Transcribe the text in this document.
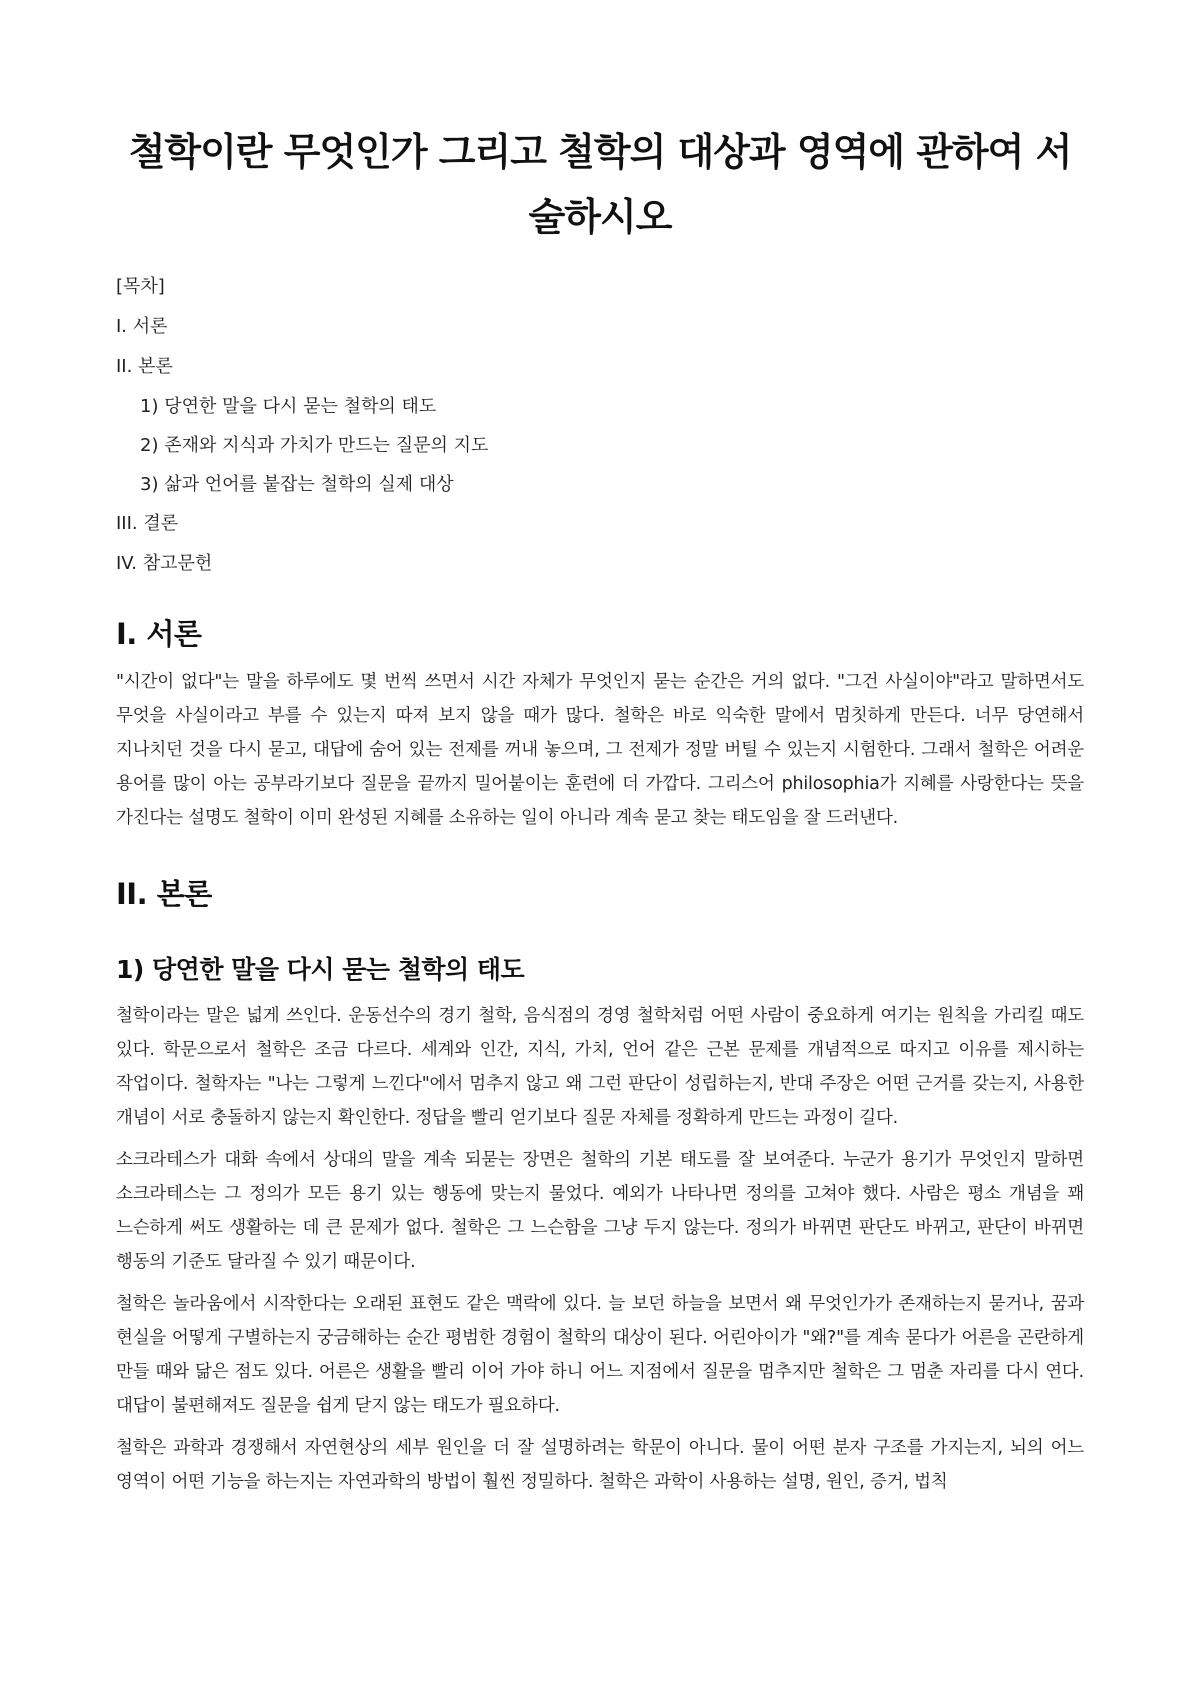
철학이란 무엇인가 그리고 철학의 대상과 영역에 관하여 서술하시오
[목차]
I. 서론
II. 본론
1) 당연한 말을 다시 묻는 철학의 태도
2) 존재와 지식과 가치가 만드는 질문의 지도
3) 삶과 언어를 붙잡는 철학의 실제 대상
III. 결론
IV. 참고문헌
I. 서론

"시간이 없다"는 말을 하루에도 몇 번씩 쓰면서 시간 자체가 무엇인지 묻는 순간은 거의 없다. "그건 사실이야"라고 말하면서도 무엇을 사실이라고 부를 수 있는지 따져 보지 않을 때가 많다. 철학은 바로 익숙한 말에서 멈칫하게 만든다. 너무 당연해서 지나치던 것을 다시 묻고, 대답에 숨어 있는 전제를 꺼내 놓으며, 그 전제가 정말 버틸 수 있는지 시험한다. 그래서 철학은 어려운 용어를 많이 아는 공부라기보다 질문을 끝까지 밀어붙이는 훈련에 더 가깝다. 그리스어 philosophia가 지혜를 사랑한다는 뜻을 가진다는 설명도 철학이 이미 완성된 지혜를 소유하는 일이 아니라 계속 묻고 찾는 태도임을 잘 드러낸다.

II. 본론
1) 당연한 말을 다시 묻는 철학의 태도

철학이라는 말은 넓게 쓰인다. 운동선수의 경기 철학, 음식점의 경영 철학처럼 어떤 사람이 중요하게 여기는 원칙을 가리킬 때도 있다. 학문으로서 철학은 조금 다르다. 세계와 인간, 지식, 가치, 언어 같은 근본 문제를 개념적으로 따지고 이유를 제시하는 작업이다. 철학자는 "나는 그렇게 느낀다"에서 멈추지 않고 왜 그런 판단이 성립하는지, 반대 주장은 어떤 근거를 갖는지, 사용한 개념이 서로 충돌하지 않는지 확인한다. 정답을 빨리 얻기보다 질문 자체를 정확하게 만드는 과정이 길다.

소크라테스가 대화 속에서 상대의 말을 계속 되묻는 장면은 철학의 기본 태도를 잘 보여준다. 누군가 용기가 무엇인지 말하면 소크라테스는 그 정의가 모든 용기 있는 행동에 맞는지 물었다. 예외가 나타나면 정의를 고쳐야 했다. 사람은 평소 개념을 꽤 느슨하게 써도 생활하는 데 큰 문제가 없다. 철학은 그 느슨함을 그냥 두지 않는다. 정의가 바뀌면 판단도 바뀌고, 판단이 바뀌면 행동의 기준도 달라질 수 있기 때문이다.

철학은 놀라움에서 시작한다는 오래된 표현도 같은 맥락에 있다. 늘 보던 하늘을 보면서 왜 무엇인가가 존재하는지 묻거나, 꿈과 현실을 어떻게 구별하는지 궁금해하는 순간 평범한 경험이 철학의 대상이 된다. 어린아이가 "왜?"를 계속 묻다가 어른을 곤란하게 만들 때와 닮은 점도 있다. 어른은 생활을 빨리 이어 가야 하니 어느 지점에서 질문을 멈추지만 철학은 그 멈춘 자리를 다시 연다. 대답이 불편해져도 질문을 쉽게 닫지 않는 태도가 필요하다.

철학은 과학과 경쟁해서 자연현상의 세부 원인을 더 잘 설명하려는 학문이 아니다. 물이 어떤 분자 구조를 가지는지, 뇌의 어느 영역이 어떤 기능을 하는지는 자연과학의 방법이 훨씬 정밀하다. 철학은 과학이 사용하는 설명, 원인, 증거, 법칙
